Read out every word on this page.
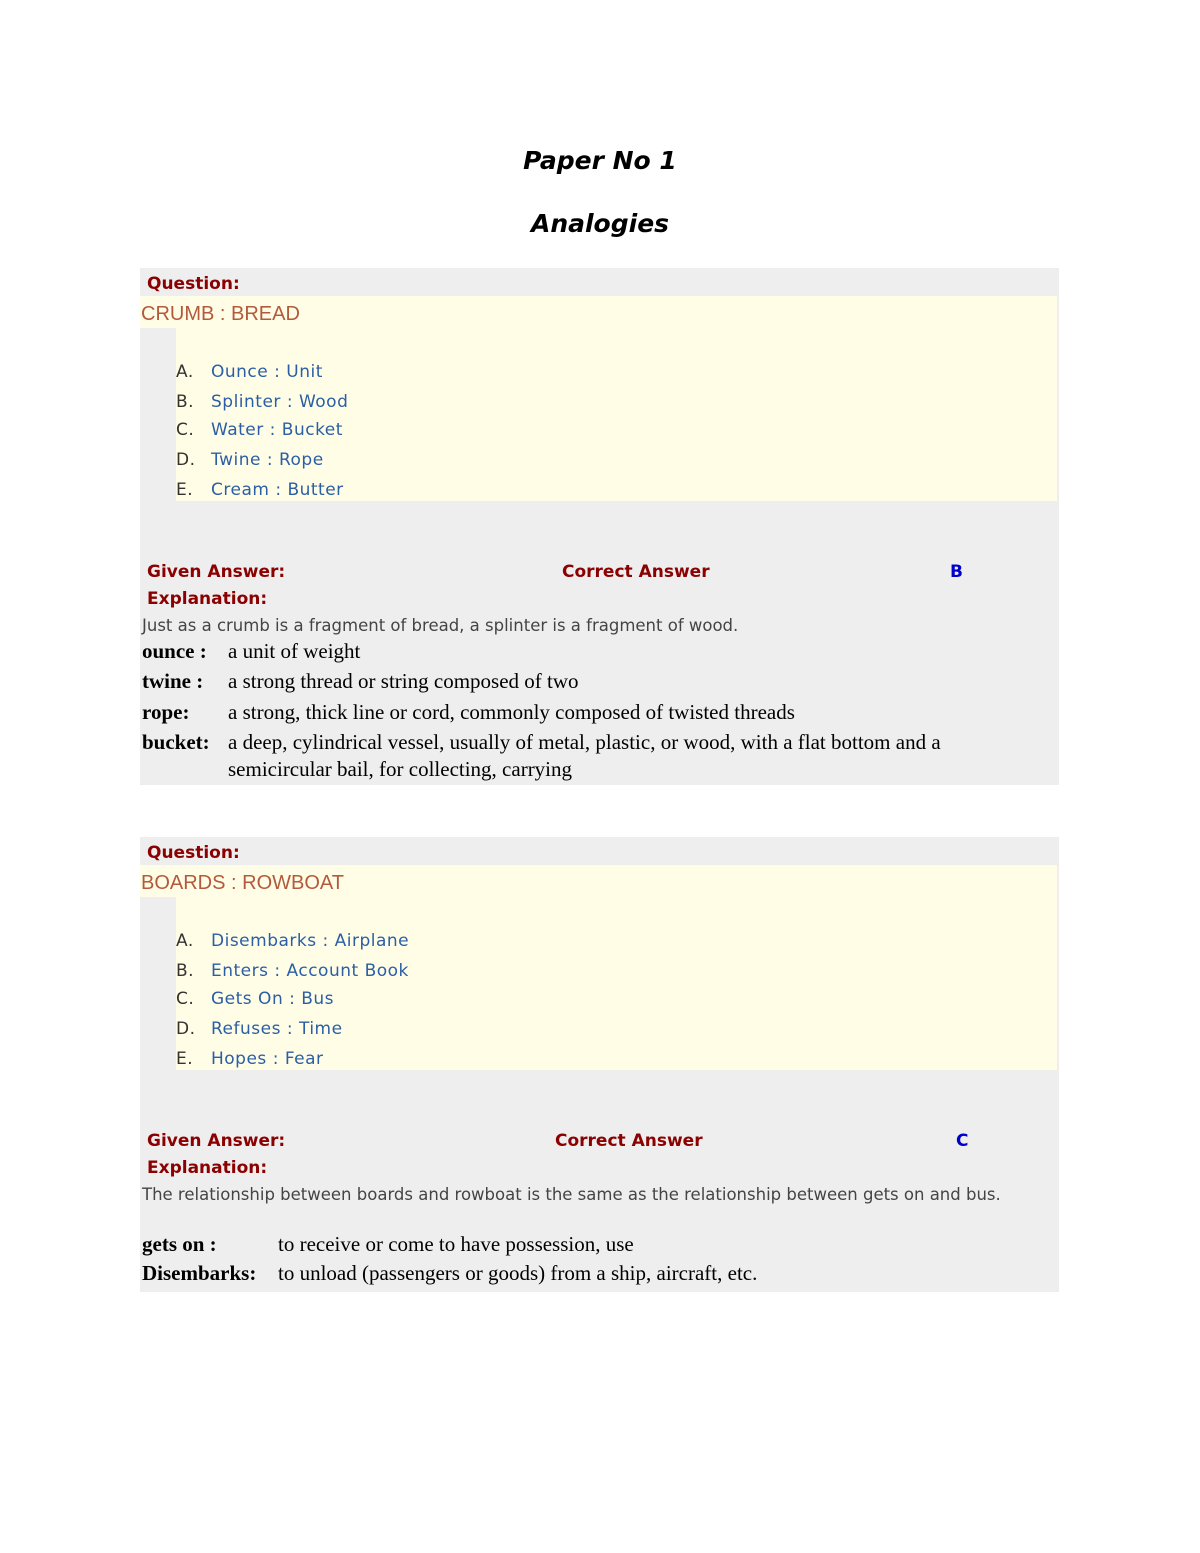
Paper No 1
Analogies
Question:
CRUMB : BREAD
A. Ounce : Unit
B. Splinter : Wood
C. Water : Bucket
D. Twine : Rope
E. Cream : Butter
Given Answer:	Correct Answer	B
Explanation:
Just as a crumb is a fragment of bread, a splinter is a fragment of wood.
ounce : a unit of weight
twine : a strong thread or string composed of two
rope: a strong, thick line or cord, commonly composed of twisted threads
bucket: a deep, cylindrical vessel, usually of metal, plastic, or wood, with a flat bottom and a semicircular bail, for collecting, carrying
Question:
BOARDS : ROWBOAT
A. Disembarks : Airplane
B. Enters : Account Book
C. Gets On : Bus
D. Refuses : Time
E. Hopes : Fear
Given Answer:	Correct Answer	C
Explanation:
The relationship between boards and rowboat is the same as the relationship between gets on and bus.
gets on :	to receive or come to have possession, use
Disembarks: to unload (passengers or goods) from a ship, aircraft, etc.
